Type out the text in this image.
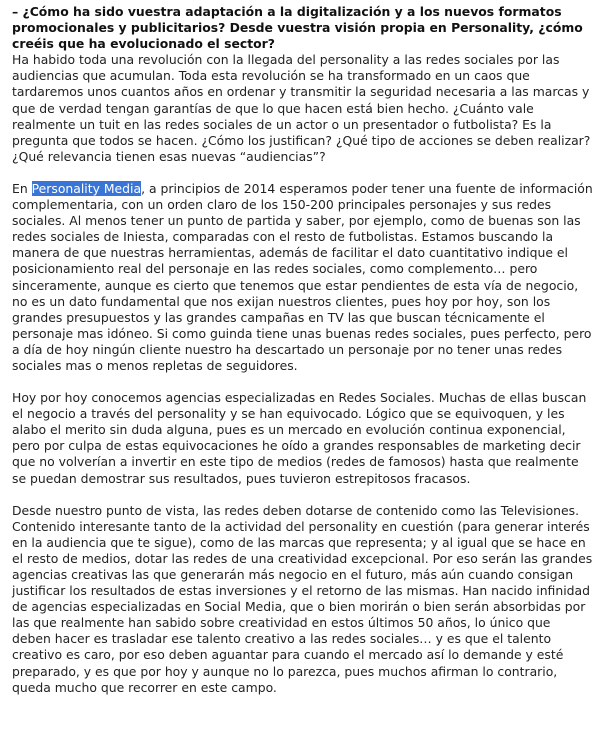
– ¿Cómo ha sido vuestra adaptación a la digitalización y a los nuevos formatos promocionales y publicitarios? Desde vuestra visión propia en Personality, ¿cómo creéis que ha evolucionado el sector?

Ha habido toda una revolución con la llegada del personality a las redes sociales por las audiencias que acumulan. Toda esta revolución se ha transformado en un caos que tardaremos unos cuantos años en ordenar y transmitir la seguridad necesaria a las marcas y que de verdad tengan garantías de que lo que hacen está bien hecho. ¿Cuánto vale realmente un tuit en las redes sociales de un actor o un presentador o futbolista? Es la pregunta que todos se hacen. ¿Cómo los justifican? ¿Qué tipo de acciones se deben realizar? ¿Qué relevancia tienen esas nuevas “audiencias”?

En Personality Media, a principios de 2014 esperamos poder tener una fuente de información complementaria, con un orden claro de los 150-200 principales personajes y sus redes sociales. Al menos tener un punto de partida y saber, por ejemplo, como de buenas son las redes sociales de Iniesta, comparadas con el resto de futbolistas. Estamos buscando la manera de que nuestras herramientas, además de facilitar el dato cuantitativo indique el posicionamiento real del personaje en las redes sociales, como complemento… pero sinceramente, aunque es cierto que tenemos que estar pendientes de esta vía de negocio, no es un dato fundamental que nos exijan nuestros clientes, pues hoy por hoy, son los grandes presupuestos y las grandes campañas en TV las que buscan técnicamente el personaje mas idóneo. Si como guinda tiene unas buenas redes sociales, pues perfecto, pero a día de hoy ningún cliente nuestro ha descartado un personaje por no tener unas redes sociales mas o menos repletas de seguidores.

Hoy por hoy conocemos agencias especializadas en Redes Sociales. Muchas de ellas buscan el negocio a través del personality y se han equivocado. Lógico que se equivoquen, y les alabo el merito sin duda alguna, pues es un mercado en evolución continua exponencial, pero por culpa de estas equivocaciones he oído a grandes responsables de marketing decir que no volverían a invertir en este tipo de medios (redes de famosos) hasta que realmente se puedan demostrar sus resultados, pues tuvieron estrepitosos fracasos.

Desde nuestro punto de vista, las redes deben dotarse de contenido como las Televisiones. Contenido interesante tanto de la actividad del personality en cuestión (para generar interés en la audiencia que te sigue), como de las marcas que representa; y al igual que se hace en el resto de medios, dotar las redes de una creatividad excepcional. Por eso serán las grandes agencias creativas las que generarán más negocio en el futuro, más aún cuando consigan justificar los resultados de estas inversiones y el retorno de las mismas. Han nacido infinidad de agencias especializadas en Social Media, que o bien morirán o bien serán absorbidas por las que realmente han sabido sobre creatividad en estos últimos 50 años, lo único que deben hacer es trasladar ese talento creativo a las redes sociales… y es que el talento creativo es caro, por eso deben aguantar para cuando el mercado así lo demande y esté preparado, y es que por hoy y aunque no lo parezca, pues muchos afirman lo contrario, queda mucho que recorrer en este campo.
